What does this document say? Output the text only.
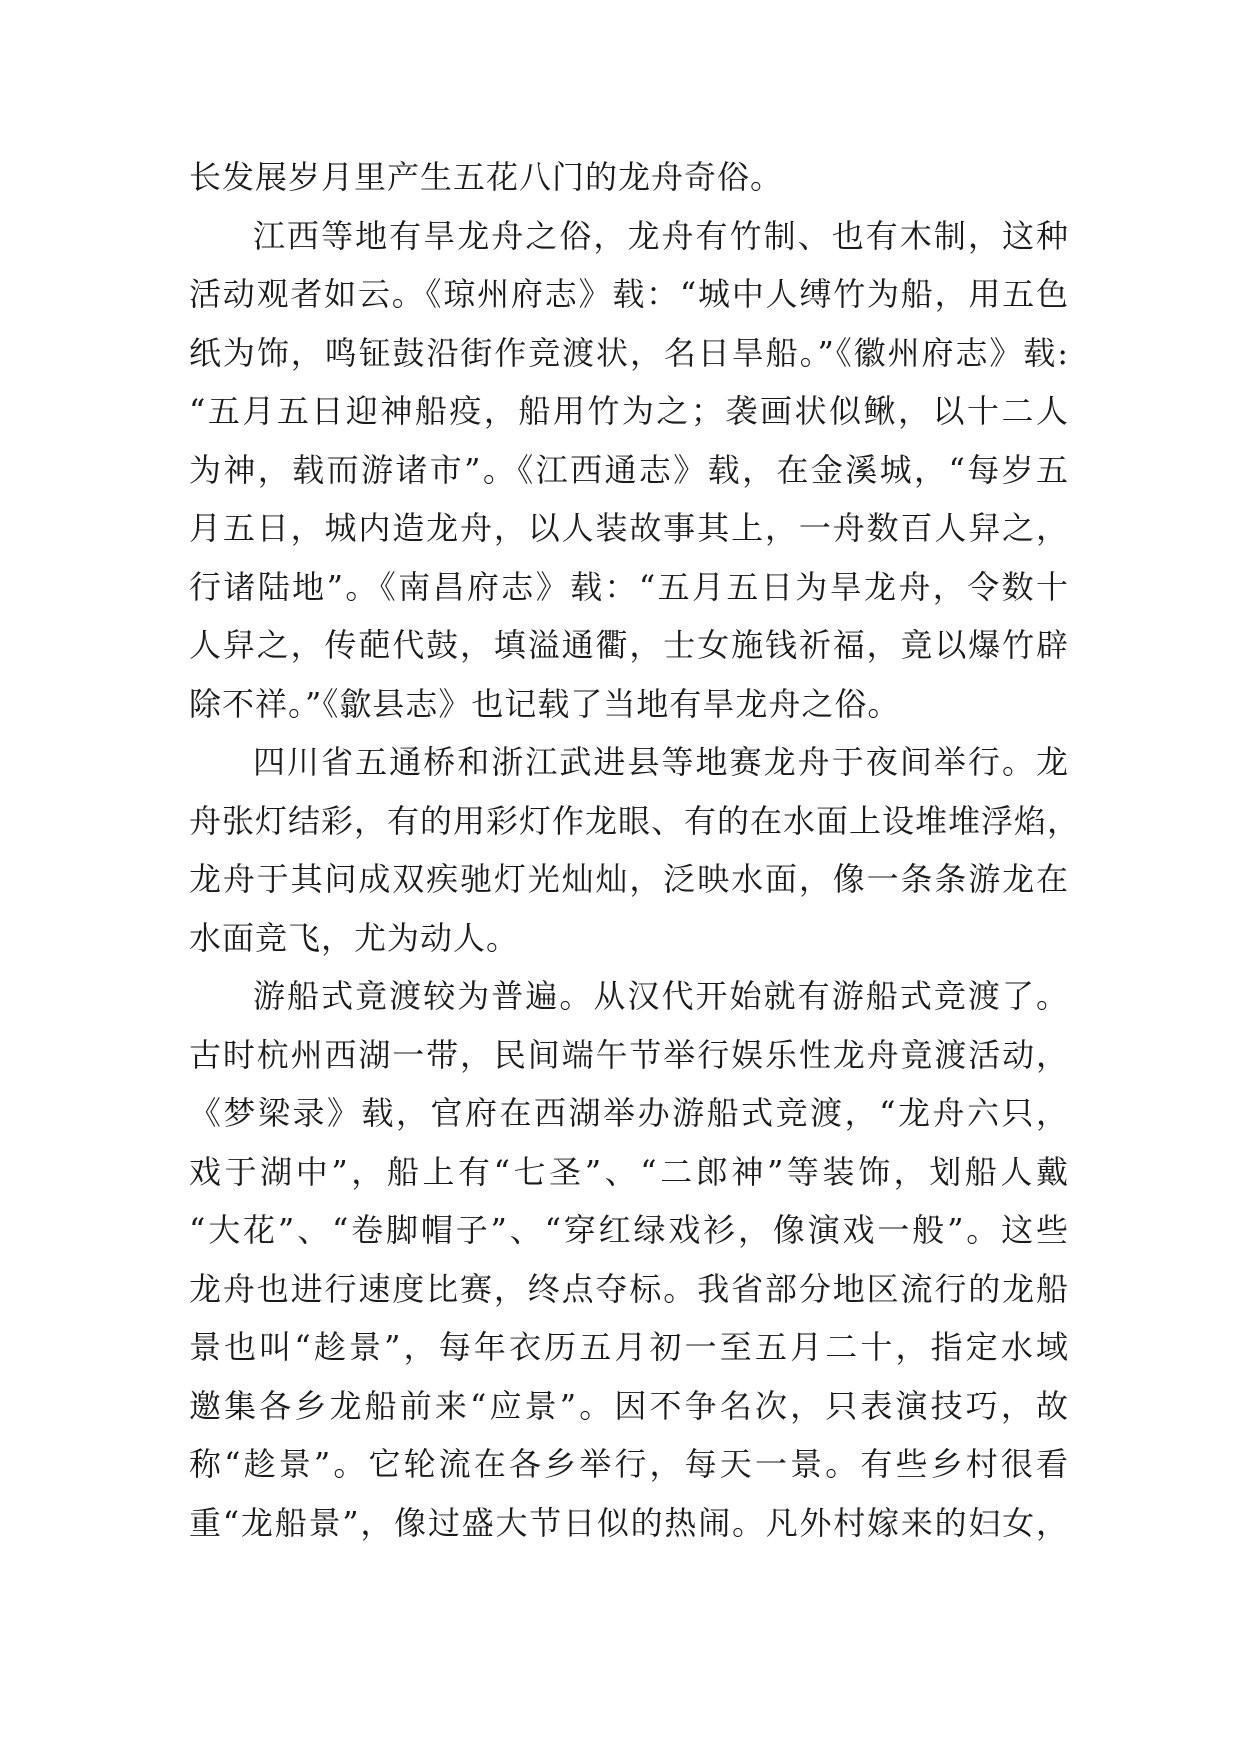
长发展岁月里产生五花八门的龙舟奇俗。
江西等地有旱龙舟之俗，龙舟有竹制、也有木制，这种
活动观者如云。《琼州府志》载：“城中人缚竹为船，用五色
纸为饰，鸣钲鼓沿街作竞渡状，名日旱船。”《徽州府志》载:
“五月五日迎神船疫，船用竹为之；袭画状似鳅，以十二人
为神，载而游诸市”。《江西通志》载，在金溪城，“每岁五
月五日，城内造龙舟，以人装故事其上，一舟数百人舁之，
行诸陆地”。《南昌府志》载：“五月五日为旱龙舟，令数十
人舁之，传葩代鼓，填溢通衢，士女施钱祈福，竟以爆竹辟
除不祥。”《歙县志》也记载了当地有旱龙舟之俗。
四川省五通桥和浙江武进县等地赛龙舟于夜间举行。龙
舟张灯结彩，有的用彩灯作龙眼、有的在水面上设堆堆浮焰，
龙舟于其问成双疾驰灯光灿灿，泛映水面，像一条条游龙在
水面竞飞，尤为动人。
游船式竟渡较为普遍。从汉代开始就有游船式竞渡了。
古时杭州西湖一带，民间端午节举行娱乐性龙舟竟渡活动，
《梦梁录》载，官府在西湖举办游船式竞渡，“龙舟六只，
戏于湖中”，船上有“七圣”、“二郎神”等装饰，划船人戴
“大花”、“卷脚帽子”、“穿红绿戏衫，像演戏一般”。这些
龙舟也进行速度比赛，终点夺标。我省部分地区流行的龙船
景也叫“趁景”，每年衣历五月初一至五月二十，指定水域
邀集各乡龙船前来“应景”。因不争名次，只表演技巧，故
称“趁景”。它轮流在各乡举行，每天一景。有些乡村很看
重“龙船景”，像过盛大节日似的热闹。凡外村嫁来的妇女，
